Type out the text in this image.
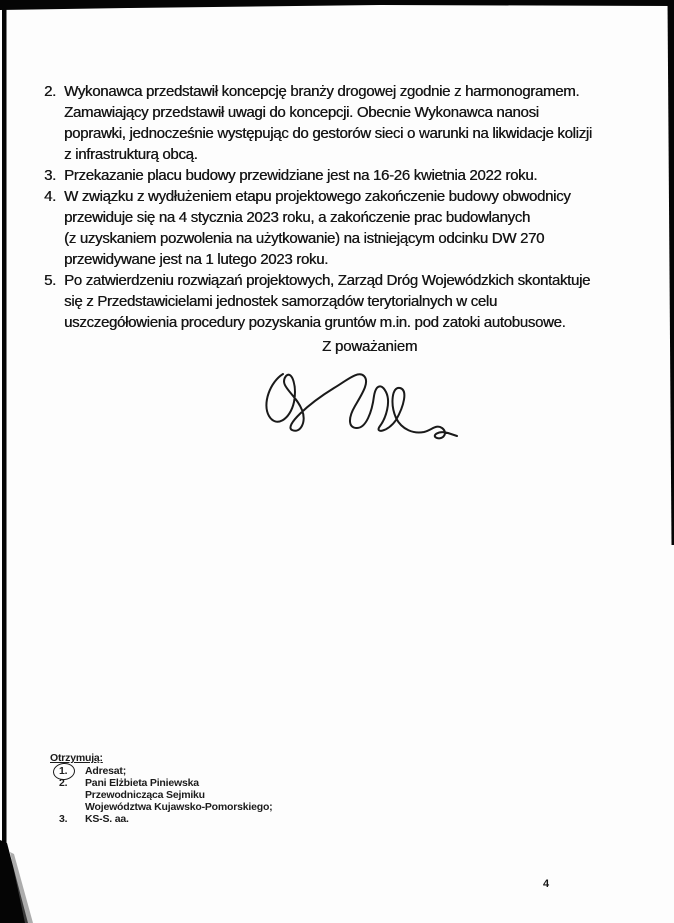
2. Wykonawca przedstawił koncepcję branży drogowej zgodnie z harmonogramem.
Zamawiający przedstawił uwagi do koncepcji. Obecnie Wykonawca nanosi
poprawki, jednocześnie występując do gestorów sieci o warunki na likwidacje kolizji
z infrastrukturą obcą.
3. Przekazanie placu budowy przewidziane jest na 16-26 kwietnia 2022 roku.
4. W związku z wydłużeniem etapu projektowego zakończenie budowy obwodnicy
przewiduje się na 4 stycznia 2023 roku, a zakończenie prac budowlanych
(z uzyskaniem pozwolenia na użytkowanie) na istniejącym odcinku DW 270
przewidywane jest na 1 lutego 2023 roku.
5. Po zatwierdzeniu rozwiązań projektowych, Zarząd Dróg Wojewódzkich skontaktuje
się z Przedstawicielami jednostek samorządów terytorialnych w celu
uszczegółowienia procedury pozyskania gruntów m.in. pod zatoki autobusowe.
Z poważaniem
Otrzymują:
1. Adresat;
2. Pani Elżbieta Piniewska
Przewodnicząca Sejmiku
Województwa Kujawsko-Pomorskiego;
3. KS-S. aa.
4
